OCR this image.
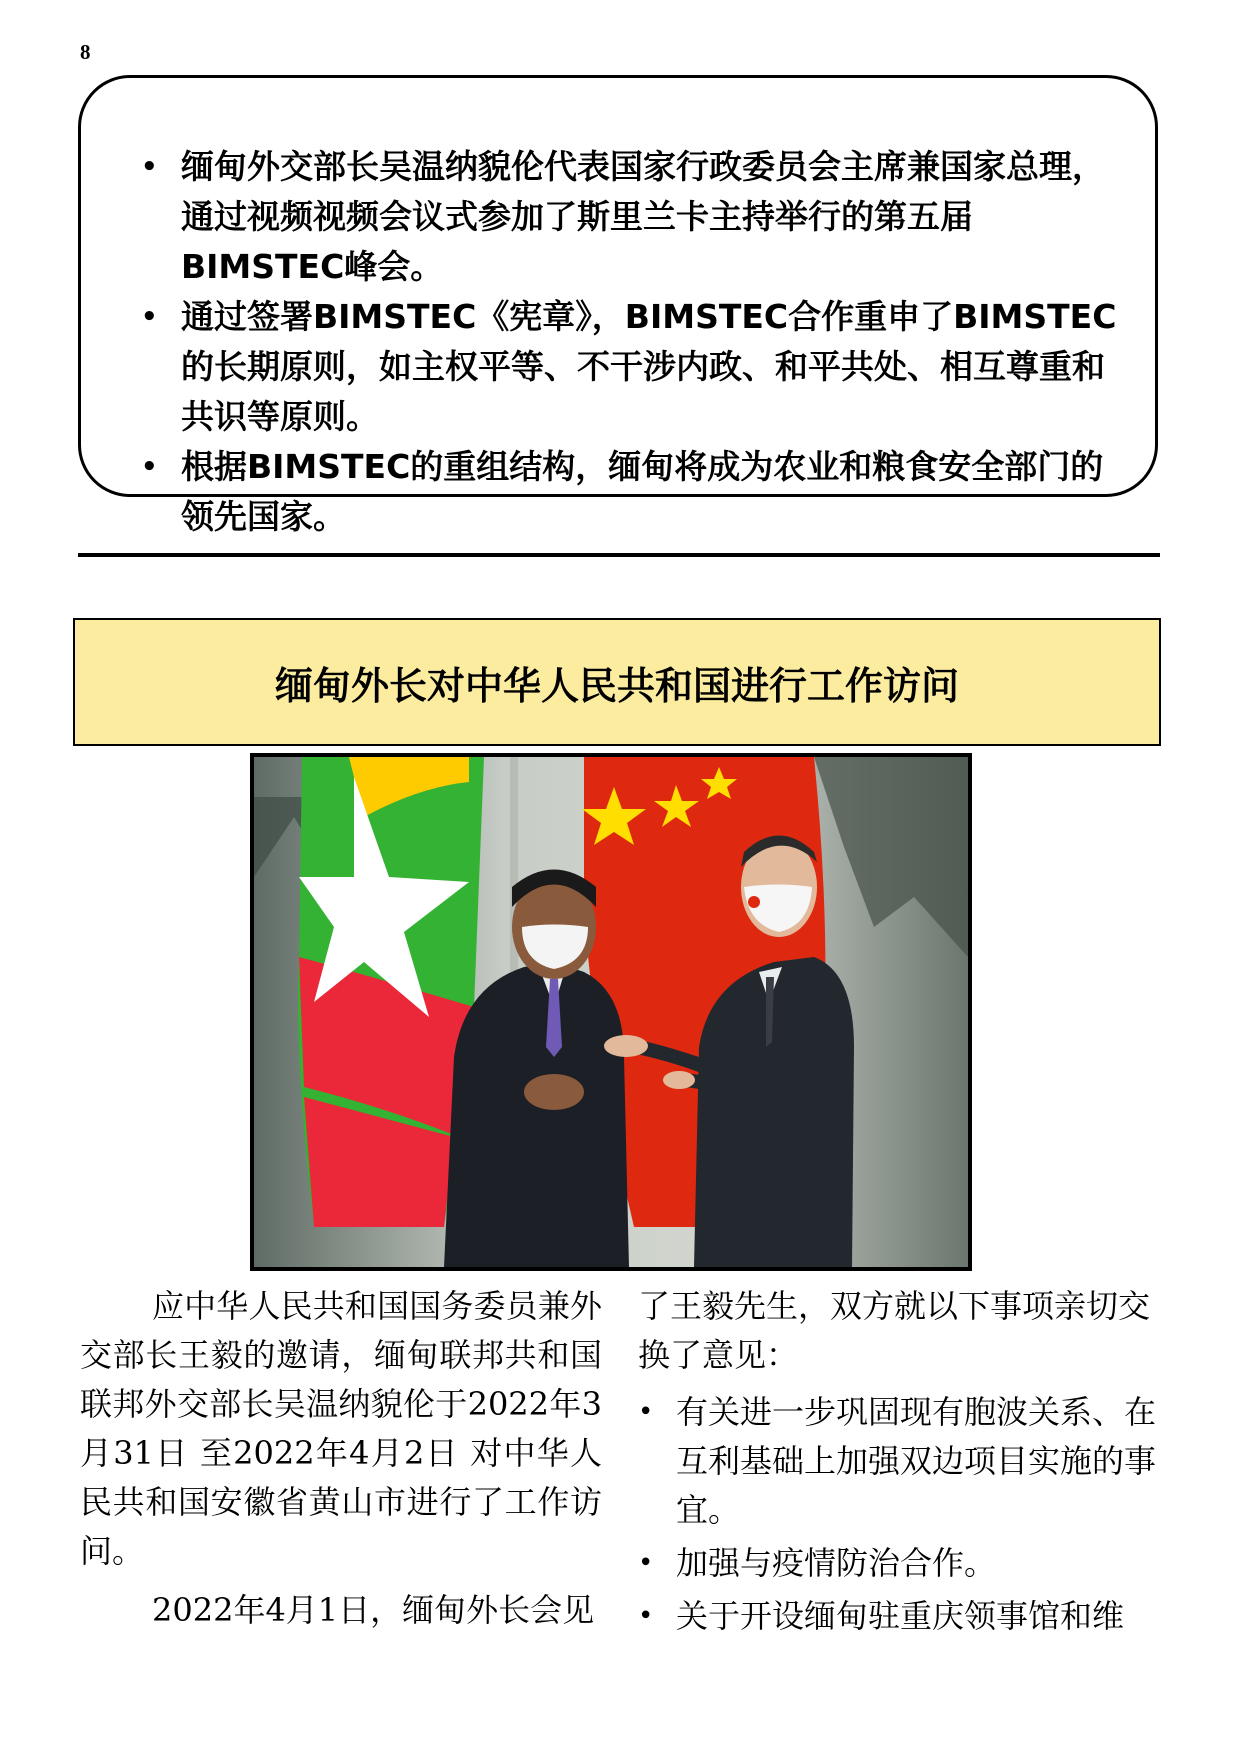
8
• 缅甸外交部长吴温纳貌伦代表国家行政委员会主席兼国家总理，通过视频视频会议式参加了斯里兰卡主持举行的第五届BIMSTEC峰会。
• 通过签署BIMSTEC《宪章》，BIMSTEC合作重申了BIMSTEC的长期原则，如主权平等、不干涉内政、和平共处、相互尊重和共识等原则。
• 根据BIMSTEC的重组结构，缅甸将成为农业和粮食安全部门的领先国家。
缅甸外长对中华人民共和国进行工作访问

应中华人民共和国国务委员兼外交部长王毅的邀请，缅甸联邦共和国联邦外交部长吴温纳貌伦于2022年3月31日 至2022年4月2日 对中华人民共和国安徽省黄山市进行了工作访问。

2022年4月1日，缅甸外长会见

了王毅先生，双方就以下事项亲切交换了意见：

• 有关进一步巩固现有胞波关系、在互利基础上加强双边项目实施的事宜。
• 加强与疫情防治合作。
• 关于开设缅甸驻重庆领事馆和维
